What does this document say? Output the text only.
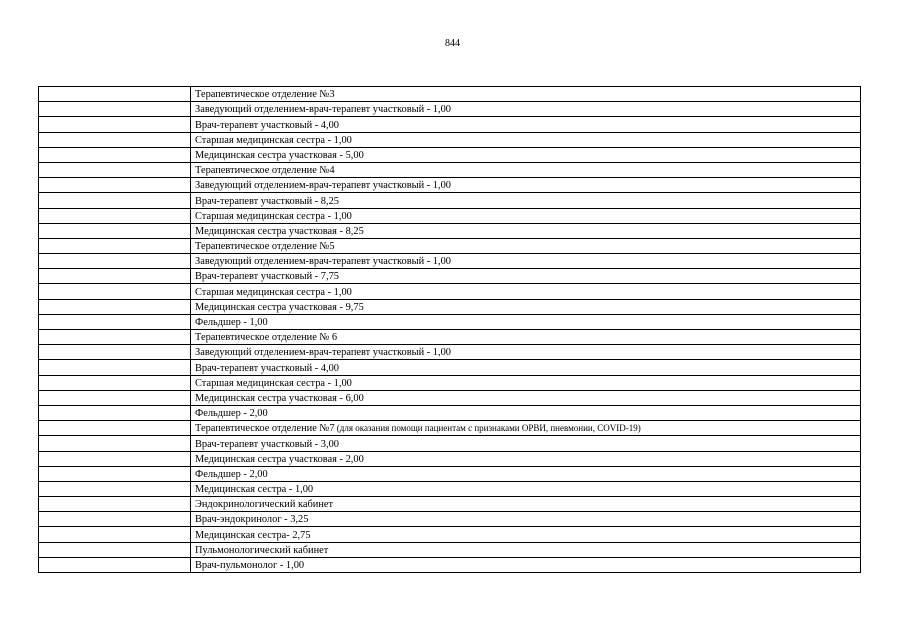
844
	Терапевтическое отделение №3
	Заведующий отделением-врач-терапевт участковый - 1,00
	Врач-терапевт участковый - 4,00
	Старшая медицинская сестра - 1,00
	Медицинская сестра участковая - 5,00
	Терапевтическое отделение №4
	Заведующий отделением-врач-терапевт участковый - 1,00
	Врач-терапевт участковый - 8,25
	Старшая медицинская сестра - 1,00
	Медицинская сестра участковая - 8,25
	Терапевтическое отделение №5
	Заведующий отделением-врач-терапевт участковый - 1,00
	Врач-терапевт участковый - 7,75
	Старшая медицинская сестра - 1,00
	Медицинская сестра участковая - 9,75
	Фельдшер - 1,00
	Терапевтическое отделение № 6
	Заведующий отделением-врач-терапевт участковый - 1,00
	Врач-терапевт участковый - 4,00
	Старшая медицинская сестра - 1,00
	Медицинская сестра участковая - 6,00
	Фельдшер - 2,00
	Терапевтическое отделение №7 (для оказания помощи пациентам с признаками ОРВИ, пневмонии, COVID-19)
	Врач-терапевт участковый - 3,00
	Медицинская сестра участковая - 2,00
	Фельдшер - 2,00
	Медицинская сестра - 1,00
	Эндокринологический кабинет
	Врач-эндокринолог - 3,25
	Медицинская сестра- 2,75
	Пульмонологический кабинет
	Врач-пульмонолог - 1,00
